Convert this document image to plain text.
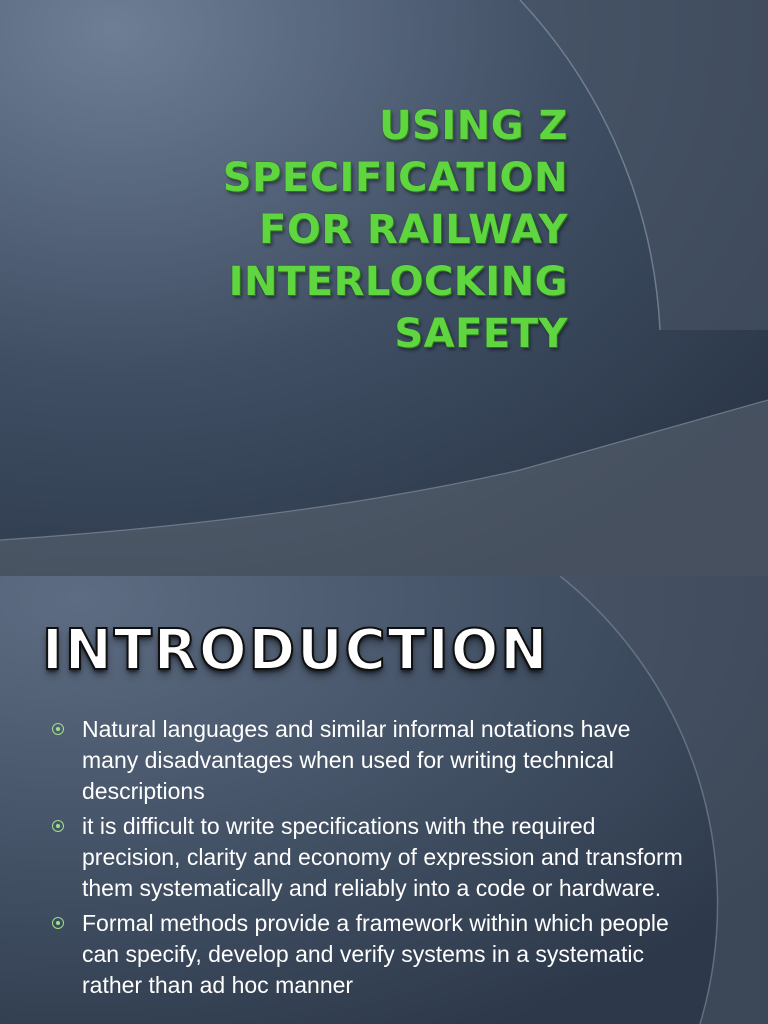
USING Z SPECIFICATION
FOR RAILWAY
INTERLOCKING
SAFETY
INTRODUCTION
Natural languages and similar informal notations have many disadvantages when used for writing technical descriptions
it is difficult to write specifications with the required precision, clarity and economy of expression and transform them systematically and reliably into a code or hardware.
Formal methods provide a framework within which people can specify, develop and verify systems in a systematic rather than ad hoc manner
